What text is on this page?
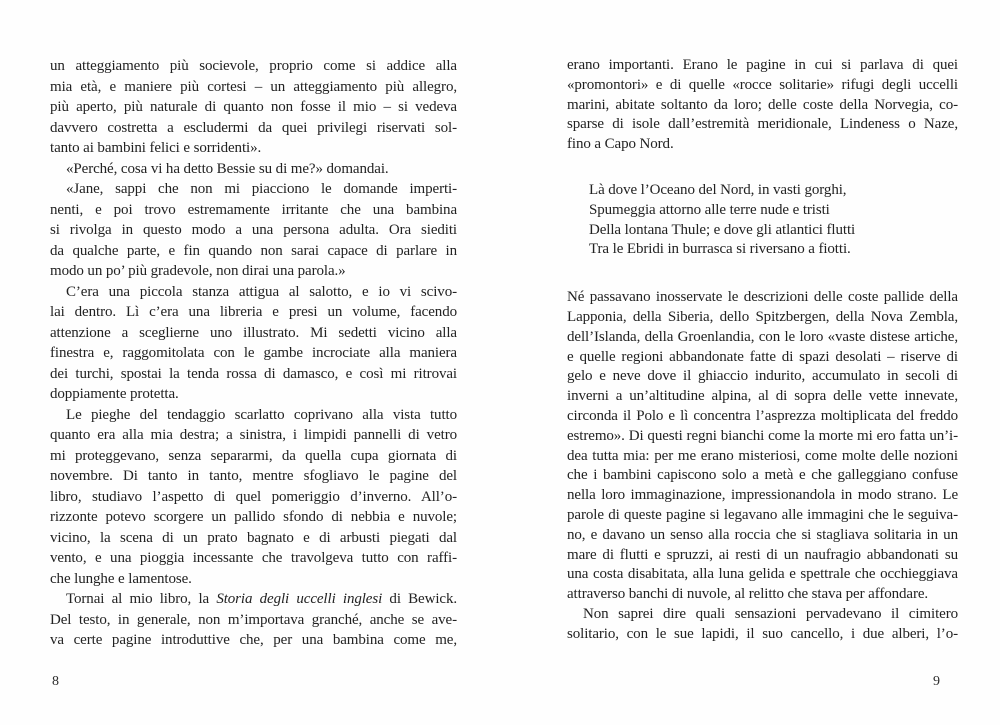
un atteggiamento più socievole, proprio come si addice alla
mia età, e maniere più cortesi – un atteggiamento più allegro,
più aperto, più naturale di quanto non fosse il mio – si vedeva
davvero costretta a escludermi da quei privilegi riservati sol-
tanto ai bambini felici e sorridenti».
«Perché, cosa vi ha detto Bessie su di me?» domandai.
«Jane, sappi che non mi piacciono le domande imperti-
nenti, e poi trovo estremamente irritante che una bambina
si rivolga in questo modo a una persona adulta. Ora siediti
da qualche parte, e fin quando non sarai capace di parlare in
modo un po’ più gradevole, non dirai una parola.»
C’era una piccola stanza attigua al salotto, e io vi scivo-
lai dentro. Lì c’era una libreria e presi un volume, facendo
attenzione a sceglierne uno illustrato. Mi sedetti vicino alla
finestra e, raggomitolata con le gambe incrociate alla maniera
dei turchi, spostai la tenda rossa di damasco, e così mi ritrovai
doppiamente protetta.
Le pieghe del tendaggio scarlatto coprivano alla vista tutto
quanto era alla mia destra; a sinistra, i limpidi pannelli di vetro
mi proteggevano, senza separarmi, da quella cupa giornata di
novembre. Di tanto in tanto, mentre sfogliavo le pagine del
libro, studiavo l’aspetto di quel pomeriggio d’inverno. All’o-
rizzonte potevo scorgere un pallido sfondo di nebbia e nuvole;
vicino, la scena di un prato bagnato e di arbusti piegati dal
vento, e una pioggia incessante che travolgeva tutto con raffi-
che lunghe e lamentose.
Tornai al mio libro, la Storia degli uccelli inglesi di Bewick.
Del testo, in generale, non m’importava granché, anche se ave-
va certe pagine introduttive che, per una bambina come me,
8
erano importanti. Erano le pagine in cui si parlava di quei
«promontori» e di quelle «rocce solitarie» rifugi degli uccelli
marini, abitate soltanto da loro; delle coste della Norvegia, co-
sparse di isole dall’estremità meridionale, Lindeness o Naze,
fino a Capo Nord.
Là dove l’Oceano del Nord, in vasti gorghi,
Spumeggia attorno alle terre nude e tristi
Della lontana Thule; e dove gli atlantici flutti
Tra le Ebridi in burrasca si riversano a fiotti.
Né passavano inosservate le descrizioni delle coste pallide della
Lapponia, della Siberia, dello Spitzbergen, della Nova Zembla,
dell’Islanda, della Groenlandia, con le loro «vaste distese artiche,
e quelle regioni abbandonate fatte di spazi desolati – riserve di
gelo e neve dove il ghiaccio indurito, accumulato in secoli di
inverni a un’altitudine alpina, al di sopra delle vette innevate,
circonda il Polo e lì concentra l’asprezza moltiplicata del freddo
estremo». Di questi regni bianchi come la morte mi ero fatta un’i-
dea tutta mia: per me erano misteriosi, come molte delle nozioni
che i bambini capiscono solo a metà e che galleggiano confuse
nella loro immaginazione, impressionandola in modo strano. Le
parole di queste pagine si legavano alle immagini che le seguiva-
no, e davano un senso alla roccia che si stagliava solitaria in un
mare di flutti e spruzzi, ai resti di un naufragio abbandonati su
una costa disabitata, alla luna gelida e spettrale che occhieggiava
attraverso banchi di nuvole, al relitto che stava per affondare.
Non saprei dire quali sensazioni pervadevano il cimitero
solitario, con le sue lapidi, il suo cancello, i due alberi, l’o-
9
